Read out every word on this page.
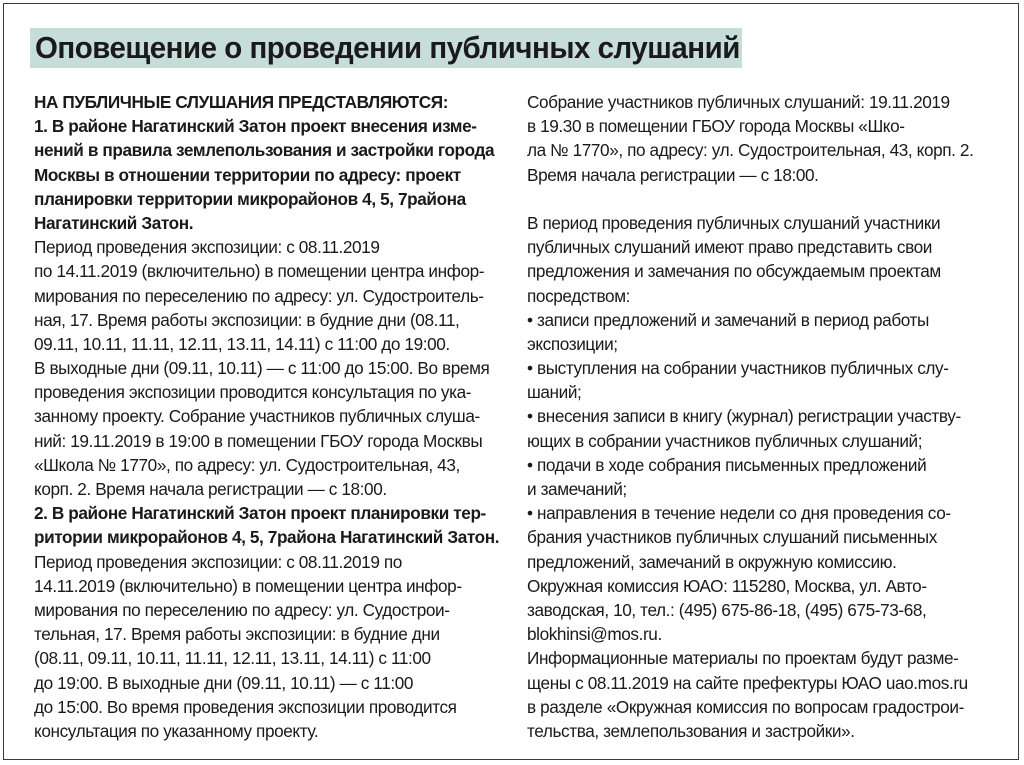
Оповещение о проведении публичных слушаний
НА ПУБЛИЧНЫЕ СЛУШАНИЯ ПРЕДСТАВЛЯЮТСЯ:
1. В районе Нагатинский Затон проект внесения изме-
нений в правила землепользования и застройки города
Москвы в отношении территории по адресу: проект
планировки территории микрорайонов 4, 5, 7района
Нагатинский Затон.
Период проведения экспозиции: с 08.11.2019
по 14.11.2019 (включительно) в помещении центра инфор-
мирования по переселению по адресу: ул. Судостроитель-
ная, 17. Время работы экспозиции: в будние дни (08.11,
09.11, 10.11, 11.11, 12.11, 13.11, 14.11) с 11:00 до 19:00.
В выходные дни (09.11, 10.11) — с 11:00 до 15:00. Во время
проведения экспозиции проводится консультация по ука-
занному проекту. Собрание участников публичных слуша-
ний: 19.11.2019 в 19:00 в помещении ГБОУ города Москвы
«Школа № 1770», по адресу: ул. Судостроительная, 43,
корп. 2. Время начала регистрации — с 18:00.
2. В районе Нагатинский Затон проект планировки тер-
ритории микрорайонов 4, 5, 7района Нагатинский Затон.
Период проведения экспозиции: с 08.11.2019 по
14.11.2019 (включительно) в помещении центра инфор-
мирования по переселению по адресу: ул. Судострои-
тельная, 17. Время работы экспозиции: в будние дни
(08.11, 09.11, 10.11, 11.11, 12.11, 13.11, 14.11) с 11:00
до 19:00. В выходные дни (09.11, 10.11) — с 11:00
до 15:00. Во время проведения экспозиции проводится
консультация по указанному проекту.
Собрание участников публичных слушаний: 19.11.2019
в 19.30 в помещении ГБОУ города Москвы «Шко-
ла № 1770», по адресу: ул. Судостроительная, 43, корп. 2.
Время начала регистрации — с 18:00.
В период проведения публичных слушаний участники
публичных слушаний имеют право представить свои
предложения и замечания по обсуждаемым проектам
посредством:
• записи предложений и замечаний в период работы
экспозиции;
• выступления на собрании участников публичных слу-
шаний;
• внесения записи в книгу (журнал) регистрации участву-
ющих в собрании участников публичных слушаний;
• подачи в ходе собрания письменных предложений
и замечаний;
• направления в течение недели со дня проведения со-
брания участников публичных слушаний письменных
предложений, замечаний в окружную комиссию.
Окружная комиссия ЮАО: 115280, Москва, ул. Авто-
заводская, 10, тел.: (495) 675-86-18, (495) 675-73-68,
blokhinsi@mos.ru.
Информационные материалы по проектам будут разме-
щены с 08.11.2019 на сайте префектуры ЮАО uao.mos.ru
в разделе «Окружная комиссия по вопросам градострои-
тельства, землепользования и застройки».
